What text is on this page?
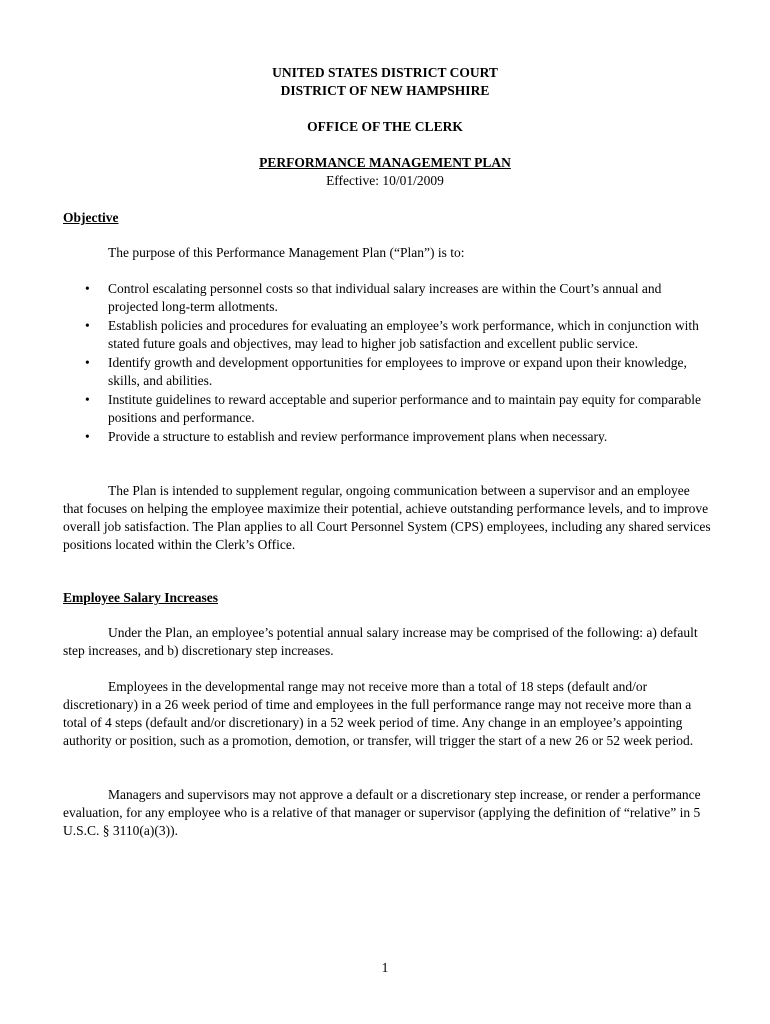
UNITED STATES DISTRICT COURT
DISTRICT OF NEW HAMPSHIRE
OFFICE OF THE CLERK
PERFORMANCE MANAGEMENT PLAN
Effective: 10/01/2009
Objective
The purpose of this Performance Management Plan (“Plan”) is to:
• Control escalating personnel costs so that individual salary increases are within the Court’s annual and projected long-term allotments.
• Establish policies and procedures for evaluating an employee’s work performance, which in conjunction with stated future goals and objectives, may lead to higher job satisfaction and excellent public service.
• Identify growth and development opportunities for employees to improve or expand upon their knowledge, skills, and abilities.
• Institute guidelines to reward acceptable and superior performance and to maintain pay equity for comparable positions and performance.
• Provide a structure to establish and review performance improvement plans when necessary.
The Plan is intended to supplement regular, ongoing communication between a supervisor and an employee that focuses on helping the employee maximize their potential, achieve outstanding performance levels, and to improve overall job satisfaction. The Plan applies to all Court Personnel System (CPS) employees, including any shared services positions located within the Clerk’s Office.
Employee Salary Increases
Under the Plan, an employee’s potential annual salary increase may be comprised of the following: a) default step increases, and b) discretionary step increases.
Employees in the developmental range may not receive more than a total of 18 steps (default and/or discretionary) in a 26 week period of time and employees in the full performance range may not receive more than a total of 4 steps (default and/or discretionary) in a 52 week period of time. Any change in an employee’s appointing authority or position, such as a promotion, demotion, or transfer, will trigger the start of a new 26 or 52 week period.
Managers and supervisors may not approve a default or a discretionary step increase, or render a performance evaluation, for any employee who is a relative of that manager or supervisor (applying the definition of “relative” in 5 U.S.C. § 3110(a)(3)).
1
